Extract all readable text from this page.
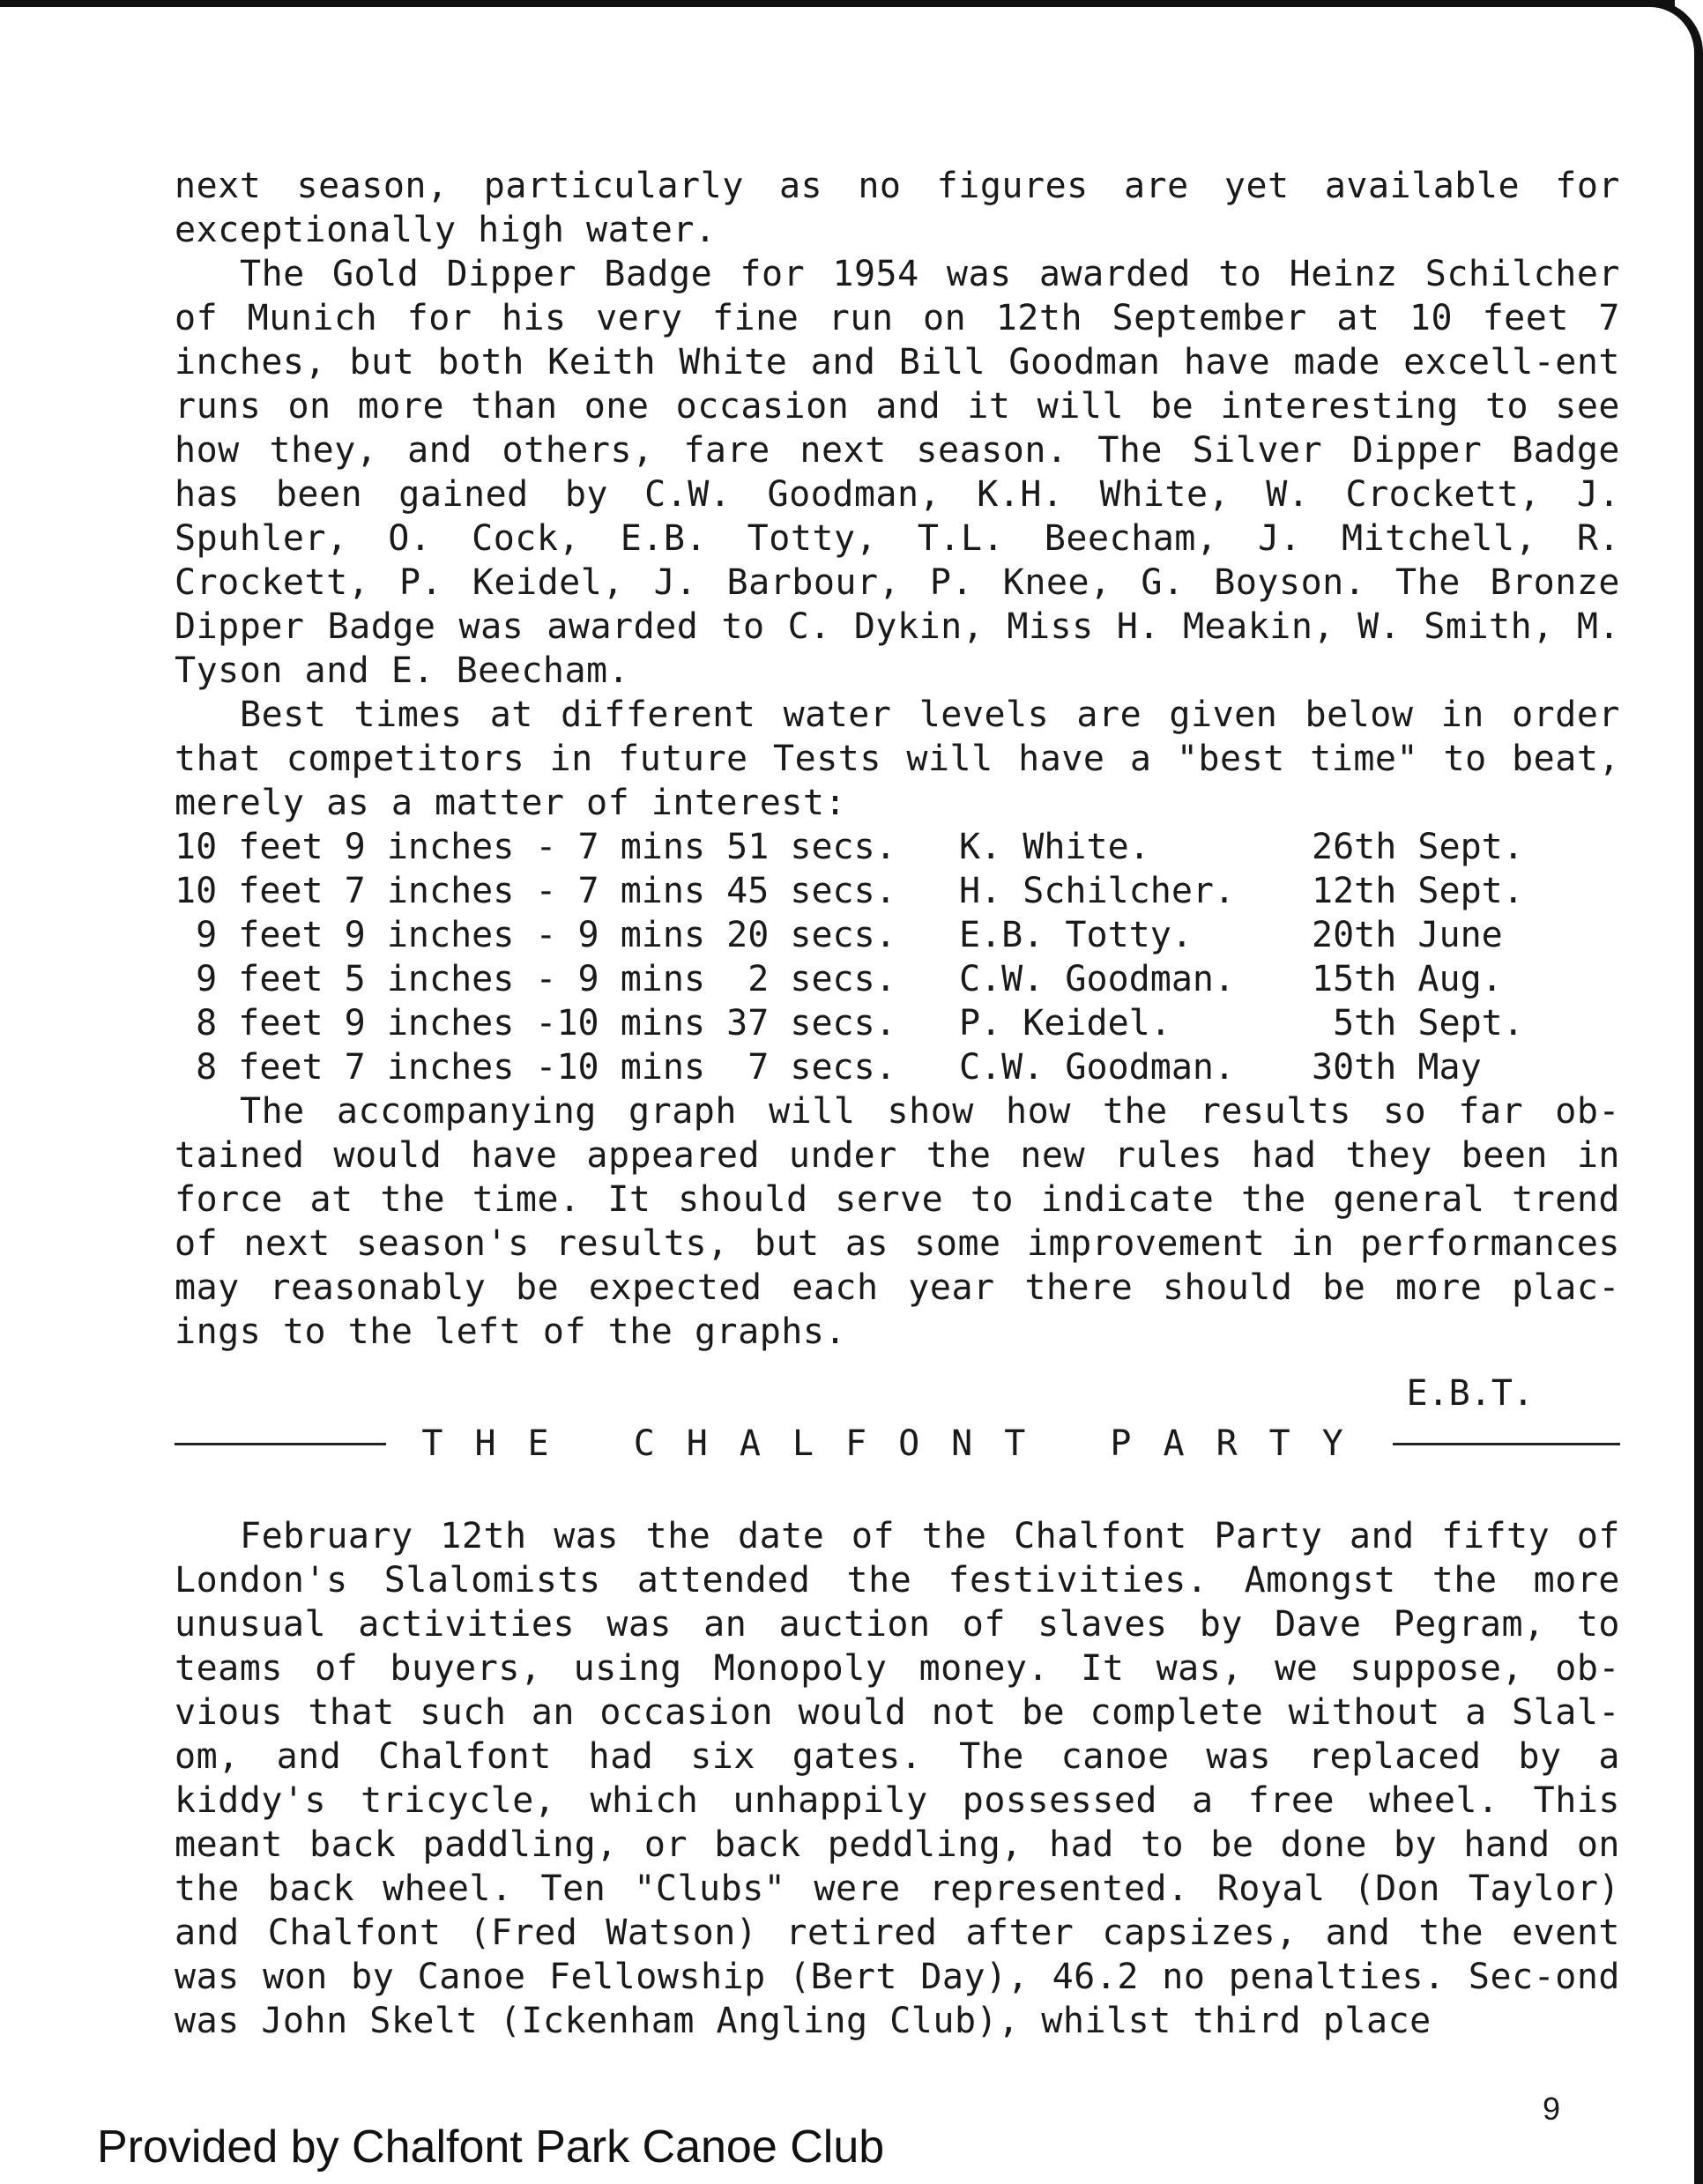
next season, particularly as no figures are yet available for exceptionally high water.

The Gold Dipper Badge for 1954 was awarded to Heinz Schilcher of Munich for his very fine run on 12th September at 10 feet 7 inches, but both Keith White and Bill Goodman have made excell-ent runs on more than one occasion and it will be interesting to see how they, and others, fare next season. The Silver Dipper Badge has been gained by C.W. Goodman, K.H. White, W. Crockett, J. Spuhler, O. Cock, E.B. Totty, T.L. Beecham, J. Mitchell, R. Crockett, P. Keidel, J. Barbour, P. Knee, G. Boyson. The Bronze Dipper Badge was awarded to C. Dykin, Miss H. Meakin, W. Smith, M. Tyson and E. Beecham.

Best times at different water levels are given below in order that competitors in future Tests will have a "best time" to beat, merely as a matter of interest:

10 feet 9 inches - 7 mins 51 secs.	K. White.	26th Sept.
10 feet 7 inches - 7 mins 45 secs.	H. Schilcher.	12th Sept.
9 feet 9 inches - 9 mins 20 secs.	E.B. Totty.	20th June
9 feet 5 inches - 9 mins  2 secs.	C.W. Goodman.	15th Aug.
8 feet 9 inches -10 mins 37 secs.	P. Keidel.	5th Sept.
8 feet 7 inches -10 mins  7 secs.	C.W. Goodman.	30th May

The accompanying graph will show how the results so far ob-tained would have appeared under the new rules had they been in force at the time. It should serve to indicate the general trend of next season's results, but as some improvement in performances may reasonably be expected each year there should be more plac-ings to the left of the graphs.

E.B.T.
THE CHALFONT PARTY

February 12th was the date of the Chalfont Party and fifty of London's Slalomists attended the festivities. Amongst the more unusual activities was an auction of slaves by Dave Pegram, to teams of buyers, using Monopoly money. It was, we suppose, ob-vious that such an occasion would not be complete without a Slal-om, and Chalfont had six gates. The canoe was replaced by a kiddy's tricycle, which unhappily possessed a free wheel. This meant back paddling, or back peddling, had to be done by hand on the back wheel. Ten "Clubs" were represented. Royal (Don Taylor) and Chalfont (Fred Watson) retired after capsizes, and the event was won by Canoe Fellowship (Bert Day), 46.2 no penalties. Sec-ond was John Skelt (Ickenham Angling Club), whilst third place

9
Provided by Chalfont Park Canoe Club
